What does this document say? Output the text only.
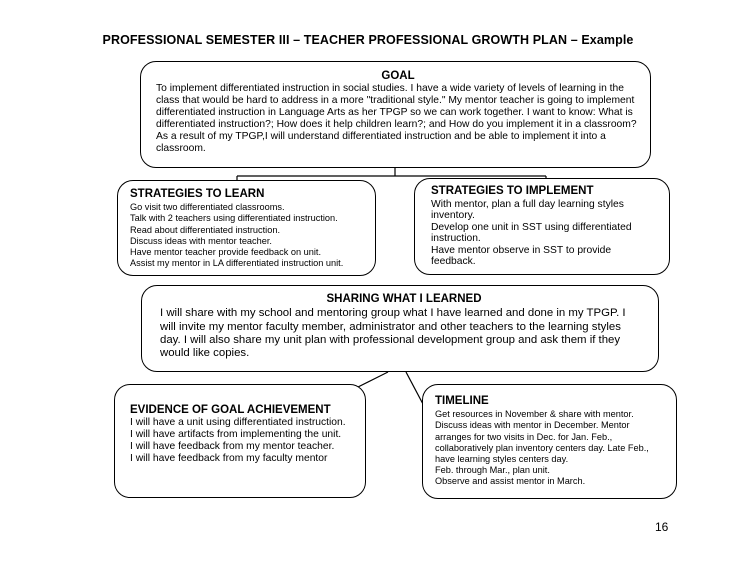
PROFESSIONAL SEMESTER III – TEACHER PROFESSIONAL GROWTH PLAN – Example
GOAL
To implement differentiated instruction in social studies. I have a wide variety of levels of learning in the
class that would be hard to address in a more "traditional style." My mentor teacher is going to implement
differentiated instruction in Language Arts as her TPGP so we can work together. I want to know: What is
differentiated instruction?; How does it help children learn?; and How do you implement it in a classroom?
As a result of my TPGP,I will understand differentiated instruction and be able to implement it into a
classroom.
STRATEGIES TO LEARN
Go visit two differentiated classrooms.
Talk with 2 teachers using differentiated instruction.
Read about differentiated instruction.
Discuss ideas with mentor teacher.
Have mentor teacher provide feedback on unit.
Assist my mentor in LA differentiated instruction unit.
STRATEGIES TO IMPLEMENT
With mentor, plan a full day learning styles
inventory.
Develop one unit in SST using differentiated
instruction.
Have mentor observe in SST to provide
feedback.
SHARING WHAT I LEARNED
I will share with my school and mentoring group what I have learned and done in my TPGP. I
will invite my mentor faculty member, administrator and other teachers to the learning styles
day. I will also share my unit plan with professional development group and ask them if they
would like copies.
EVIDENCE OF GOAL ACHIEVEMENT
I will have a unit using differentiated instruction.
I will have artifacts from implementing the unit.
I will have feedback from my mentor teacher.
I will have feedback from my faculty mentor
TIMELINE
Get resources in November & share with mentor.
Discuss ideas with mentor in December. Mentor
arranges for two visits in Dec. for Jan. Feb.,
collaboratively plan inventory centers day. Late Feb.,
have learning styles centers day.
Feb. through Mar., plan unit.
Observe and assist mentor in March.
16
